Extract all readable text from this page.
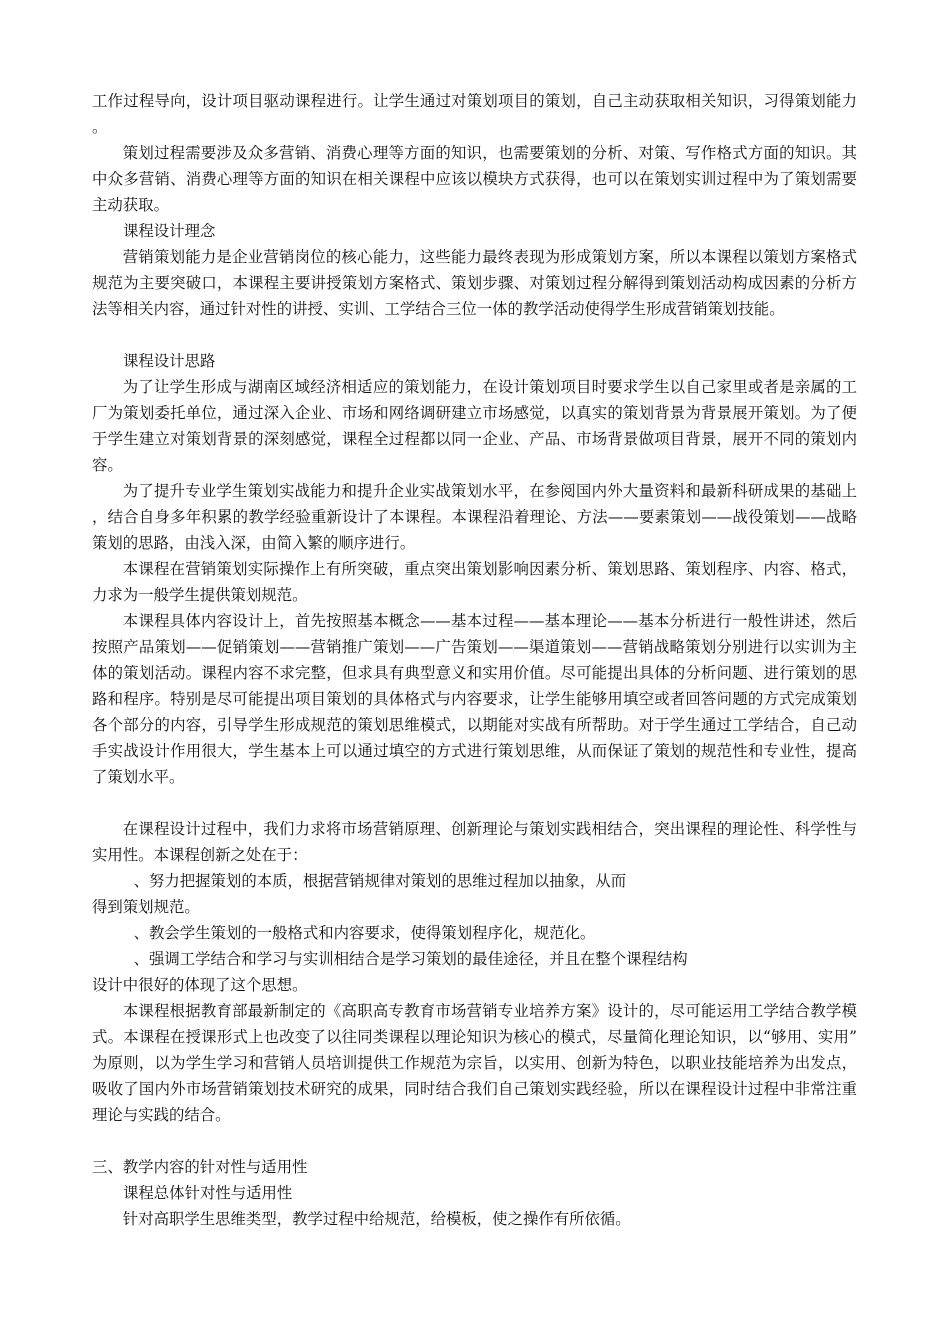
工作过程导向，设计项目驱动课程进行。让学生通过对策划项目的策划，自己主动获取相关知识，习得策划能力。

策划过程需要涉及众多营销、消费心理等方面的知识，也需要策划的分析、对策、写作格式方面的知识。其中众多营销、消费心理等方面的知识在相关课程中应该以模块方式获得，也可以在策划实训过程中为了策划需要主动获取。

课程设计理念

营销策划能力是企业营销岗位的核心能力，这些能力最终表现为形成策划方案，所以本课程以策划方案格式规范为主要突破口，本课程主要讲授策划方案格式、策划步骤、对策划过程分解得到策划活动构成因素的分析方法等相关内容，通过针对性的讲授、实训、工学结合三位一体的教学活动使得学生形成营销策划技能。

课程设计思路

为了让学生形成与湖南区域经济相适应的策划能力，在设计策划项目时要求学生以自己家里或者是亲属的工厂为策划委托单位，通过深入企业、市场和网络调研建立市场感觉，以真实的策划背景为背景展开策划。为了便于学生建立对策划背景的深刻感觉，课程全过程都以同一企业、产品、市场背景做项目背景，展开不同的策划内容。

为了提升专业学生策划实战能力和提升企业实战策划水平，在参阅国内外大量资料和最新科研成果的基础上，结合自身多年积累的教学经验重新设计了本课程。本课程沿着理论、方法——要素策划——战役策划——战略策划的思路，由浅入深，由简入繁的顺序进行。

本课程在营销策划实际操作上有所突破，重点突出策划影响因素分析、策划思路、策划程序、内容、格式，力求为一般学生提供策划规范。

本课程具体内容设计上，首先按照基本概念——基本过程——基本理论——基本分析进行一般性讲述，然后按照产品策划——促销策划——营销推广策划——广告策划——渠道策划——营销战略策划分别进行以实训为主体的策划活动。课程内容不求完整，但求具有典型意义和实用价值。尽可能提出具体的分析问题、进行策划的思路和程序。特别是尽可能提出项目策划的具体格式与内容要求，让学生能够用填空或者回答问题的方式完成策划各个部分的内容，引导学生形成规范的策划思维模式，以期能对实战有所帮助。对于学生通过工学结合，自己动手实战设计作用很大，学生基本上可以通过填空的方式进行策划思维，从而保证了策划的规范性和专业性，提高了策划水平。

在课程设计过程中，我们力求将市场营销原理、创新理论与策划实践相结合，突出课程的理论性、科学性与实用性。本课程创新之处在于：

、努力把握策划的本质，根据营销规律对策划的思维过程加以抽象，从而
得到策划规范。
、教会学生策划的一般格式和内容要求，使得策划程序化，规范化。
、强调工学结合和学习与实训相结合是学习策划的最佳途径，并且在整个课程结构
设计中很好的体现了这个思想。

本课程根据教育部最新制定的《高职高专教育市场营销专业培养方案》设计的，尽可能运用工学结合教学模式。本课程在授课形式上也改变了以往同类课程以理论知识为核心的模式，尽量简化理论知识，以“够用、实用”为原则，以为学生学习和营销人员培训提供工作规范为宗旨，以实用、创新为特色，以职业技能培养为出发点，吸收了国内外市场营销策划技术研究的成果，同时结合我们自己策划实践经验，所以在课程设计过程中非常注重理论与实践的结合。

三、教学内容的针对性与适用性

课程总体针对性与适用性

针对高职学生思维类型，教学过程中给规范，给模板，使之操作有所依循。
